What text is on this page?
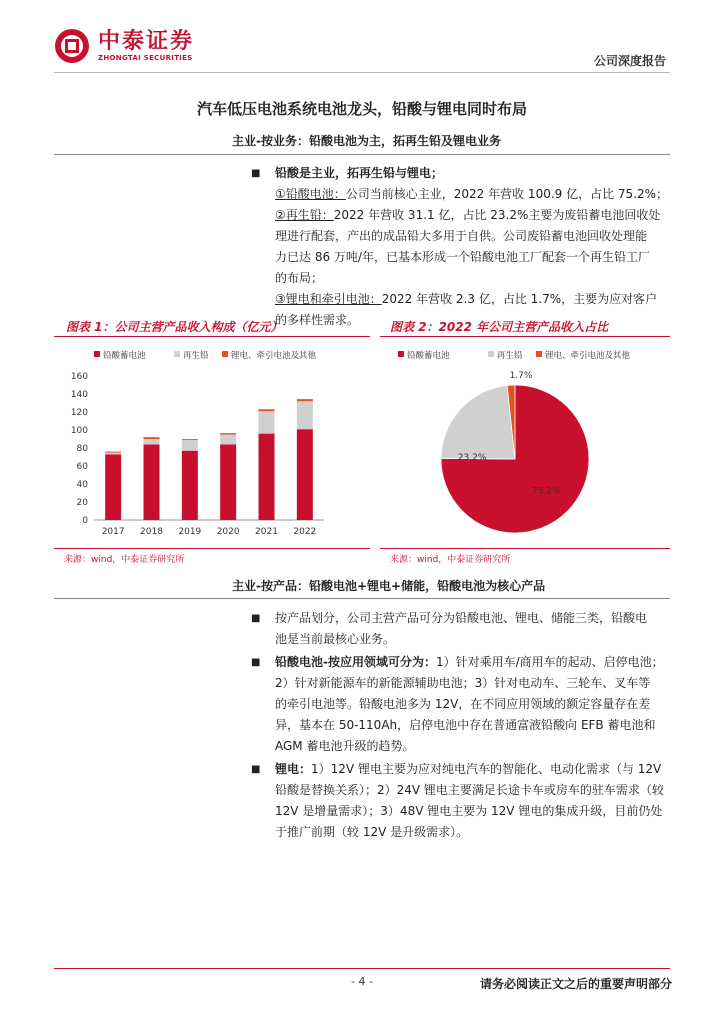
中泰证券
ZHONGTAI SECURITIES	公司深度报告
汽车低压电池系统电池龙头，铅酸与锂电同时布局
主业-按业务：铅酸电池为主，拓再生铅及锂电业务
■ 铅酸是主业，拓再生铅与锂电；
①铅酸电池：公司当前核心主业，2022 年营收 100.9 亿，占比 75.2%；
②再生铅：2022 年营收 31.1 亿，占比 23.2%主要为废铅蓄电池回收处
理进行配套，产出的成品铅大多用于自供。公司废铅蓄电池回收处理能
力已达 86 万吨/年，已基本形成一个铅酸电池工厂配套一个再生铅工厂
的布局；
③锂电和牵引电池：2022 年营收 2.3 亿，占比 1.7%，主要为应对客户
的多样性需求。
图表 1：公司主营产品收入构成（亿元）
铅酸蓄电池	再生铅	锂电、牵引电池及其他
0
20
40
60
80
100
120
140
160
2017 2018 2019 2020 2021 2022
来源：wind，中泰证券研究所
图表 2：2022 年公司主营产品收入占比
铅酸蓄电池	再生铅	锂电、牵引电池及其他
75.2%
23.2%
1.7%
来源：wind，中泰证券研究所
主业-按产品：铅酸电池+锂电+储能，铅酸电池为核心产品
■ 按产品划分，公司主营产品可分为铅酸电池、锂电、储能三类，铅酸电
池是当前最核心业务。
■ 铅酸电池-按应用领域可分为：1）针对乘用车/商用车的起动、启停电池；
2）针对新能源车的新能源辅助电池；3）针对电动车、三轮车、叉车等
的牵引电池等。铅酸电池多为 12V，在不同应用领域的额定容量存在差
异，基本在 50-110Ah，启停电池中存在普通富液铅酸向 EFB 蓄电池和
AGM 蓄电池升级的趋势。
■ 锂电：1）12V 锂电主要为应对纯电汽车的智能化、电动化需求（与 12V
铅酸是替换关系）；2）24V 锂电主要满足长途卡车或房车的驻车需求（较
12V 是增量需求）；3）48V 锂电主要为 12V 锂电的集成升级，目前仍处
于推广前期（较 12V 是升级需求）。
- 4 -	请务必阅读正文之后的重要声明部分
